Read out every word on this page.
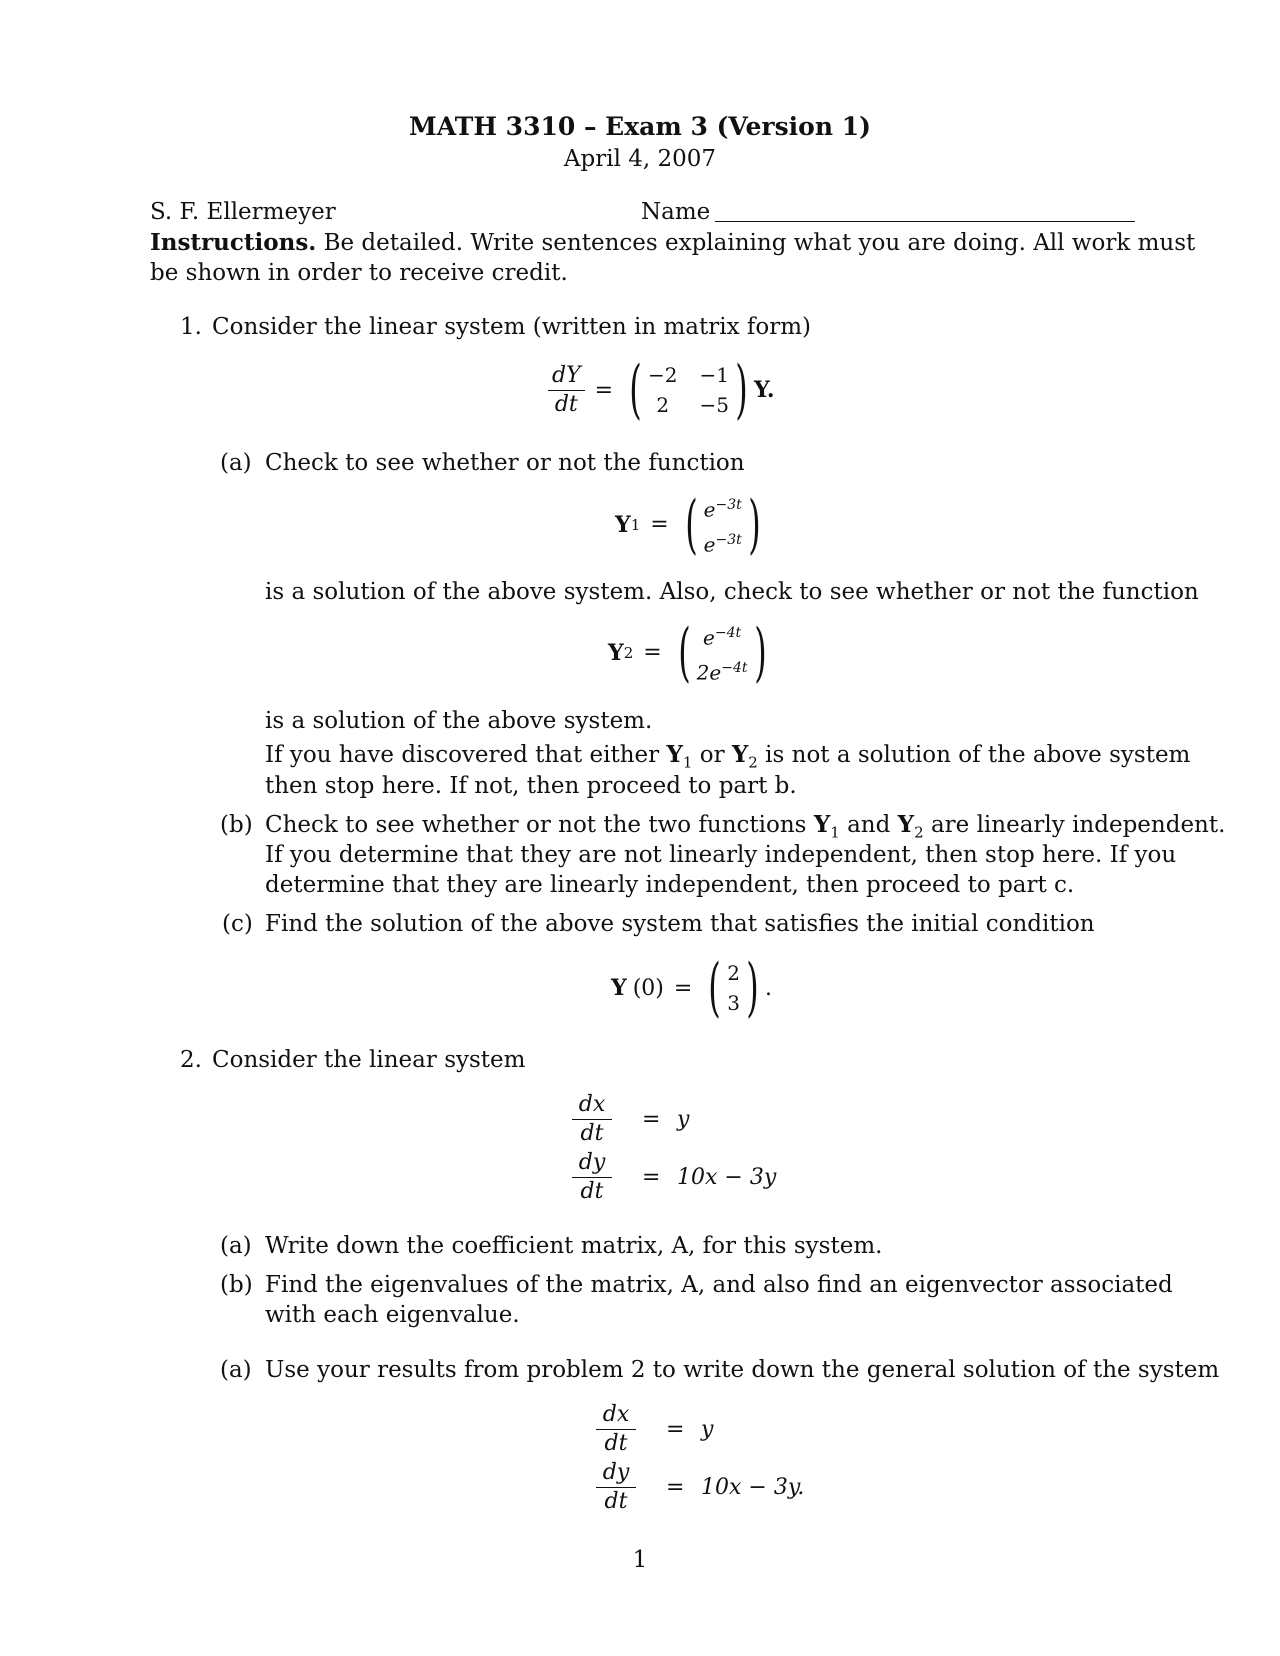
MATH 3310 – Exam 3 (Version 1)
April 4, 2007
S. F. Ellermeyer	Name
Instructions. Be detailed. Write sentences explaining what you are doing. All work must
be shown in order to receive credit.
1. Consider the linear system (written in matrix form)
$\frac{dY}{dt}$ = ( −2 −1
2	−5 ) Y.
(a) Check to see whether or not the function
Y 1 = ( $e^{-3t}$
$e^{-3t}$ )
is a solution of the above system. Also, check to see whether or not the function
Y 2 = ( $e^{-4t}$
$2e^{-4t}$ )
is a solution of the above system.
If you have discovered that either $Y_1$ or $Y_2$ is not a solution of the above system
then stop here. If not, then proceed to part b.
(b) Check to see whether or not the two functions $Y_1$ and $Y_2$ are linearly independent.
If you determine that they are not linearly independent, then stop here. If you
determine that they are linearly independent, then proceed to part c.
(c) Find the solution of the above system that satisfies the initial condition
Y (0) = ( 2
3 ) .
2. Consider the linear system
$\frac{dx}{dt} = y$
$\frac{dy}{dt} = 10x - 3y$
(a) Write down the coefficient matrix, A, for this system.
(b) Find the eigenvalues of the matrix, A, and also find an eigenvector associated
with each eigenvalue.
(a) Use your results from problem 2 to write down the general solution of the system
$\frac{dx}{dt} = y$
$\frac{dy}{dt} = 10x - 3y$.
1
